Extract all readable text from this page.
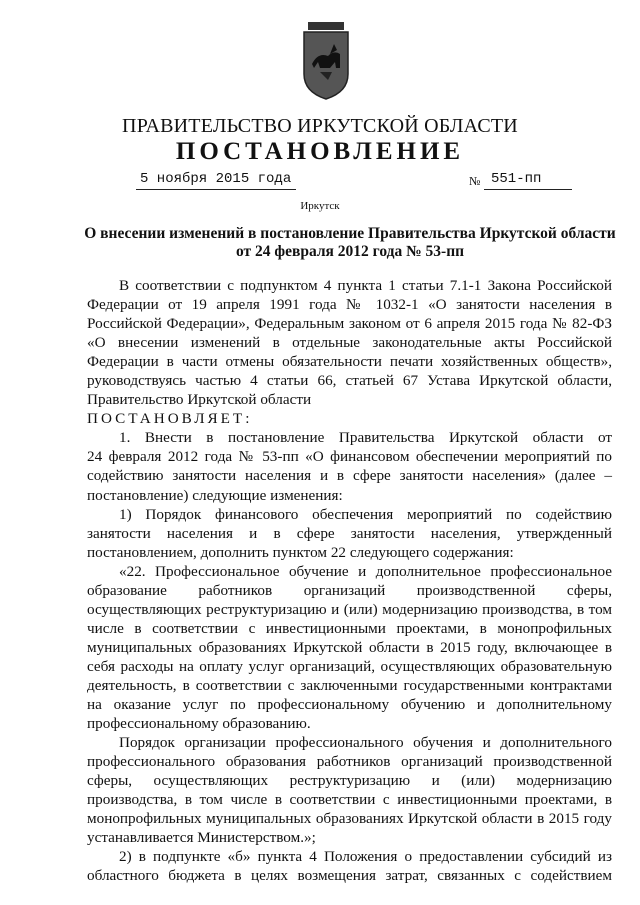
ПРАВИТЕЛЬСТВО ИРКУТСКОЙ ОБЛАСТИ
ПОСТАНОВЛЕНИЕ
5 ноября 2015 года	№ 551-пп
Иркутск
О внесении изменений в постановление Правительства Иркутской области
от 24 февраля 2012 года № 53-пп

В соответствии с подпунктом 4 пункта 1 статьи 7.1-1 Закона Российской

Федерации от 19 апреля 1991 года № 1032-1 «О занятости населения в

Российской Федерации», Федеральным законом от 6 апреля 2015 года № 82-ФЗ

«О внесении изменений в отдельные законодательные акты Российской

Федерации в части отмены обязательности печати хозяйственных обществ»,

руководствуясь частью 4 статьи 66, статьей 67 Устава Иркутской области,

Правительство Иркутской области

ПОСТАНОВЛЯЕТ:

1. Внести в постановление Правительства Иркутской области от

24 февраля 2012 года № 53-пп «О финансовом обеспечении мероприятий по

содействию занятости населения и в сфере занятости населения» (далее –

постановление) следующие изменения:

1) Порядок финансового обеспечения мероприятий по содействию

занятости населения и в сфере занятости населения, утвержденный

постановлением, дополнить пунктом 22 следующего содержания:

«22. Профессиональное обучение и дополнительное профессиональное

образование работников организаций производственной сферы,

осуществляющих реструктуризацию и (или) модернизацию производства, в том

числе в соответствии с инвестиционными проектами, в монопрофильных

муниципальных образованиях Иркутской области в 2015 году, включающее в

себя расходы на оплату услуг организаций, осуществляющих образовательную

деятельность, в соответствии с заключенными государственными контрактами

на оказание услуг по профессиональному обучению и дополнительному

профессиональному образованию.

Порядок организации профессионального обучения и дополнительного

профессионального образования работников организаций производственной

сферы, осуществляющих реструктуризацию и (или) модернизацию

производства, в том числе в соответствии с инвестиционными проектами, в

монопрофильных муниципальных образованиях Иркутской области в 2015 году

устанавливается Министерством.»;

2) в подпункте «б» пункта 4 Положения о предоставлении субсидий из

областного бюджета в целях возмещения затрат, связанных с содействием
